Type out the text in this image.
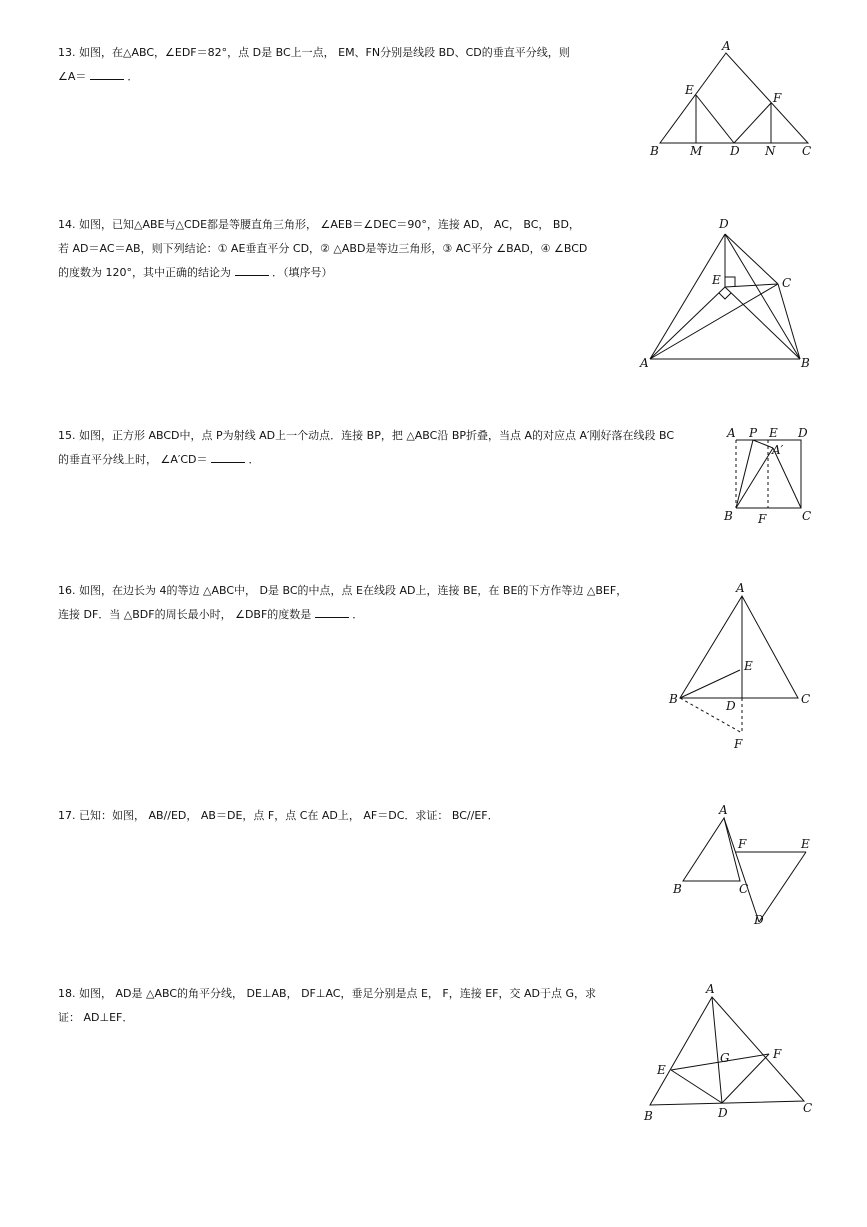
13. 如图，在△ABC，∠EDF＝82°，点 D是 BC上一点， EM、FN分别是线段 BD、CD的垂直平分线，则
∠A＝	．
A
E
F
B	M D N C
14. 如图，已知△ABE与△CDE都是等腰直角三角形， ∠AEB＝∠DEC＝90°，连接 AD， AC， BC， BD，
若 AD＝AC＝AB，则下列结论：① AE垂直平分 CD，② △ABD是等边三角形，③ AC平分 ∠BAD，④ ∠BCD
的度数为 120°，其中正确的结论为	．（填序号）
D
E	C
A	B
15. 如图，正方形 ABCD中，点 P为射线 AD上一个动点．连接 BP，把 △ABC沿 BP折叠，当点 A的对应点 A′刚好落在线段 BC
的垂直平分线上时， ∠A′CD＝	．
A P E D
A′
B F	C
16. 如图，在边长为 4的等边 △ABC中， D是 BC的中点，点 E在线段 AD上，连接 BE，在 BE的下方作等边 △BEF，
连接 DF．当 △BDF的周长最小时， ∠DBF的度数是	．
A
E
B	C
D
F
17. 已知：如图， AB//ED， AB＝DE，点 F，点 C在 AD上， AF＝DC．求证： BC//EF．	A
F	E
B	C
D
18. 如图， AD是 △ABC的角平分线， DE⊥AB， DF⊥AC，垂足分别是点 E， F，连接 EF，交 AD于点 G，求
证： AD⊥EF．
A
G	F
E
B	D	C
